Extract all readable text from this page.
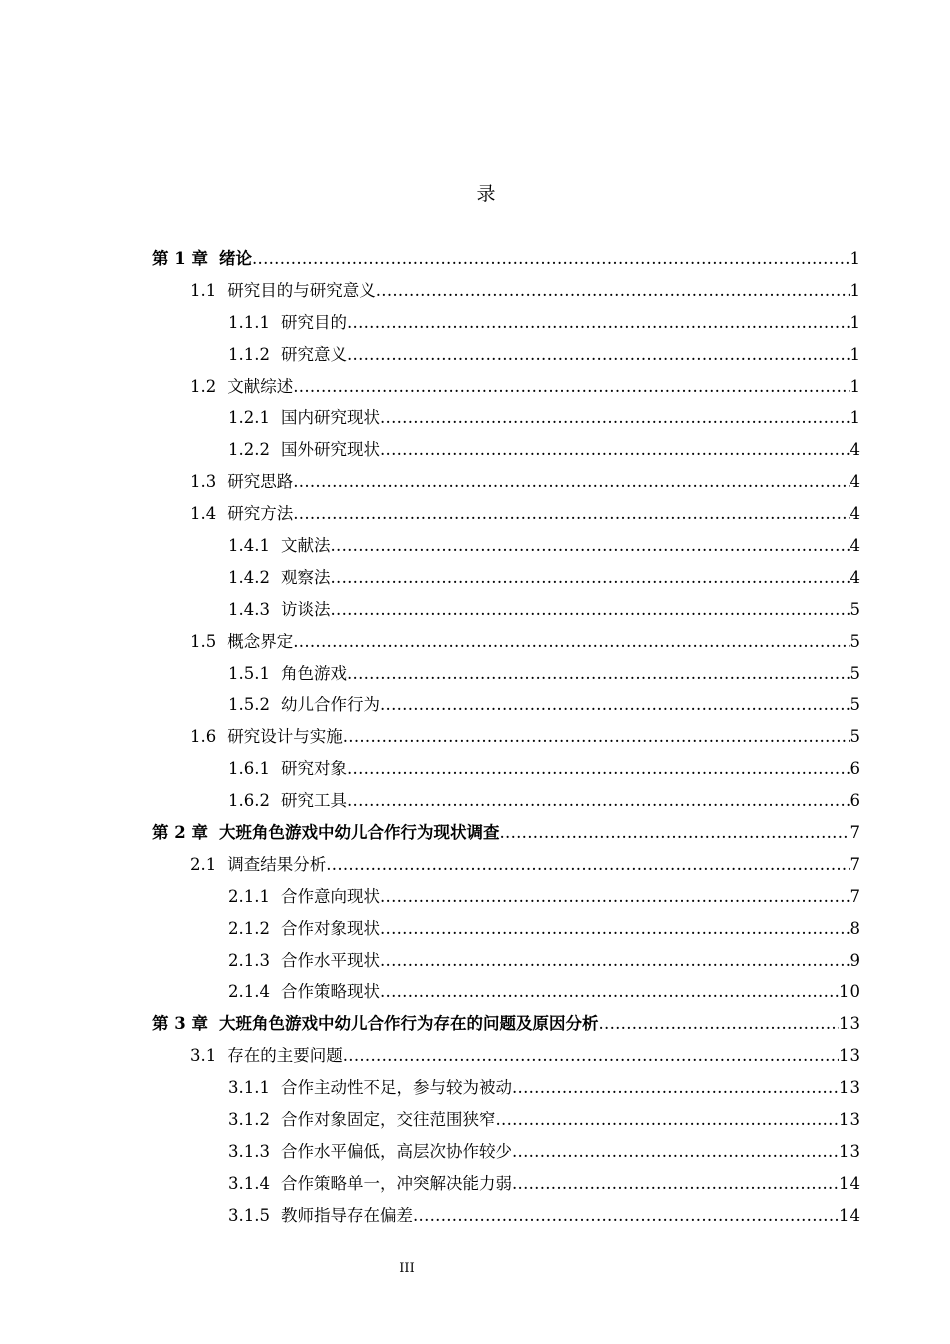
录
第 1 章 绪论 .....	1
1.1 研究目的与研究意义 .....	1
1.1.1 研究目的 .....	1
1.1.2 研究意义 .....	1
1.2 文献综述 .....	1
1.2.1 国内研究现状 .....	1
1.2.2 国外研究现状 .....	4
1.3 研究思路 .....	4
1.4 研究方法 .....	4
1.4.1 文献法 .....	4
1.4.2 观察法 .....	4
1.4.3 访谈法 .....	5
1.5 概念界定 .....	5
1.5.1 角色游戏 .....	5
1.5.2 幼儿合作行为 .....	5
1.6 研究设计与实施 .....	5
1.6.1 研究对象 .....	6
1.6.2 研究工具 .....	6
第 2 章 大班角色游戏中幼儿合作行为现状调查 .....	7
2.1 调查结果分析 .....	7
2.1.1 合作意向现状 .....	7
2.1.2 合作对象现状 .....	8
2.1.3 合作水平现状 .....	9
2.1.4 合作策略现状 .....	10
第 3 章 大班角色游戏中幼儿合作行为存在的问题及原因分析 .....	13
3.1 存在的主要问题 .....	13
3.1.1 合作主动性不足，参与较为被动 .....	13
3.1.2 合作对象固定，交往范围狭窄 .....	13
3.1.3 合作水平偏低，高层次协作较少 .....	13
3.1.4 合作策略单一，冲突解决能力弱 .....	14
3.1.5 教师指导存在偏差 .....	14
III
